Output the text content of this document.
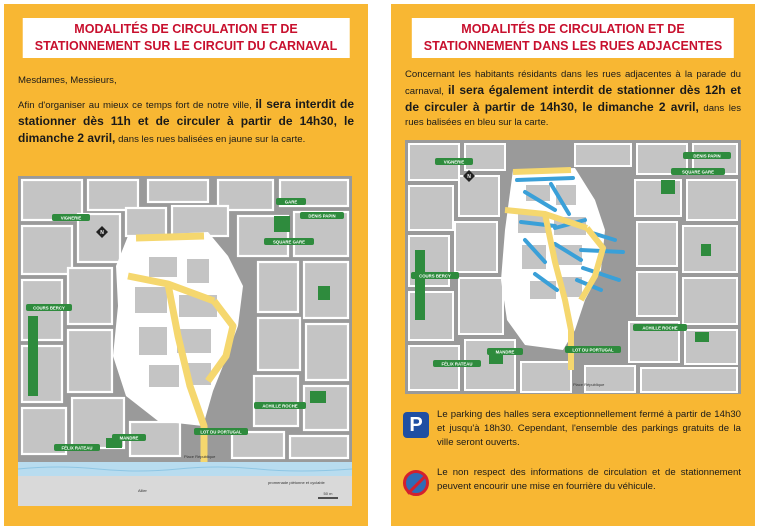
MODALITÉS DE CIRCULATION ET DE
STATIONNEMENT SUR LE CIRCUIT DU CARNAVAL
Mesdames, Messieurs,
Afin d'organiser au mieux ce temps fort de notre ville, il sera interdit de stationner dès 11h et de circuler à partir de 14h30, le dimanche 2 avril, dans les rues balisées en jaune sur la carte.
N
VIGNERIE
GARE
DENIS PAPIN
SQUARE GARE
COURS BERCY
ACHILLE ROCHE
LOT DU PORTUGAL
MANDRE
FÉLIX RATEAU
promenade piétonne et cyclable
Place République
Allier
50 m
MODALITÉS DE CIRCULATION ET DE
STATIONNEMENT DANS LES RUES ADJACENTES
Concernant les habitants résidants dans les rues adjacentes à la parade du carnaval, il sera également interdit de stationner dès 12h et de circuler à partir de 14h30, le dimanche 2 avril, dans les rues balisées en bleu sur la carte.
N
VIGNERIE
DENIS PAPIN
SQUARE GARE
COURS BERCY
ACHILLE ROCHE
LOT DU PORTUGAL
MANDRE
FÉLIX RATEAU
Place République
P	Le parking des halles sera exceptionnellement fermé à partir de 14h30 et jusqu'à 18h30. Cependant, l'ensemble des parkings gratuits de la ville seront ouverts.
Le non respect des informations de circulation et de stationnement peuvent encourir une mise en fourrière du véhicule.
